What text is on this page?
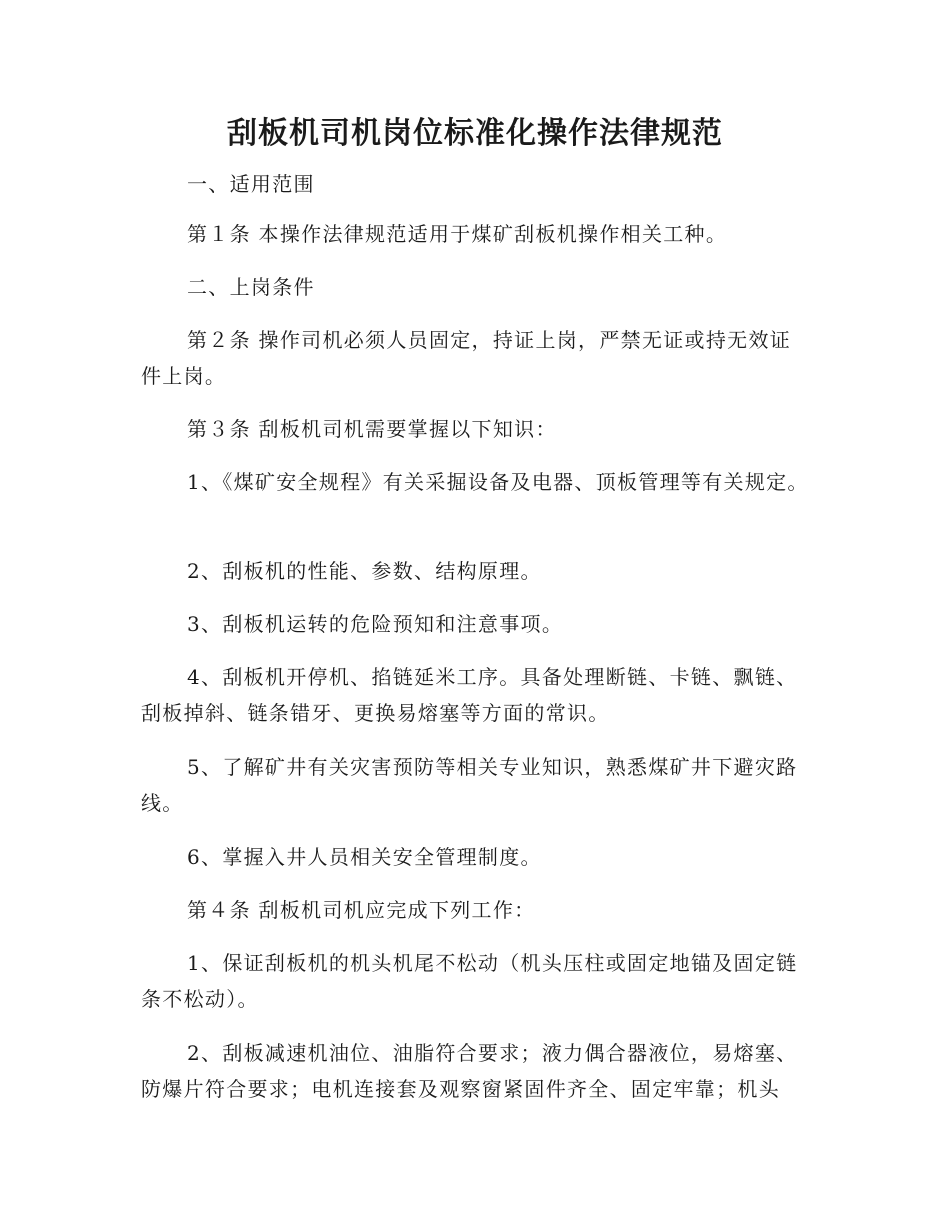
刮板机司机岗位标准化操作法律规范

一、适用范围

第１条 本操作法律规范适用于煤矿刮板机操作相关工种。

二、上岗条件

第２条 操作司机必须人员固定，持证上岗，严禁无证或持无效证件上岗。

第３条 刮板机司机需要掌握以下知识：

1、《煤矿安全规程》有关采掘设备及电器、顶板管理等有关规定。

2、刮板机的性能、参数、结构原理。

3、刮板机运转的危险预知和注意事项。

4、刮板机开停机、掐链延米工序。具备处理断链、卡链、飘链、刮板掉斜、链条错牙、更换易熔塞等方面的常识。

5、了解矿井有关灾害预防等相关专业知识，熟悉煤矿井下避灾路线。

6、掌握入井人员相关安全管理制度。

第４条 刮板机司机应完成下列工作：

1、保证刮板机的机头机尾不松动（机头压柱或固定地锚及固定链条不松动）。

2、刮板减速机油位、油脂符合要求；液力偶合器液位，易熔塞、防爆片符合要求；电机连接套及观察窗紧固件齐全、固定牢靠；机头
